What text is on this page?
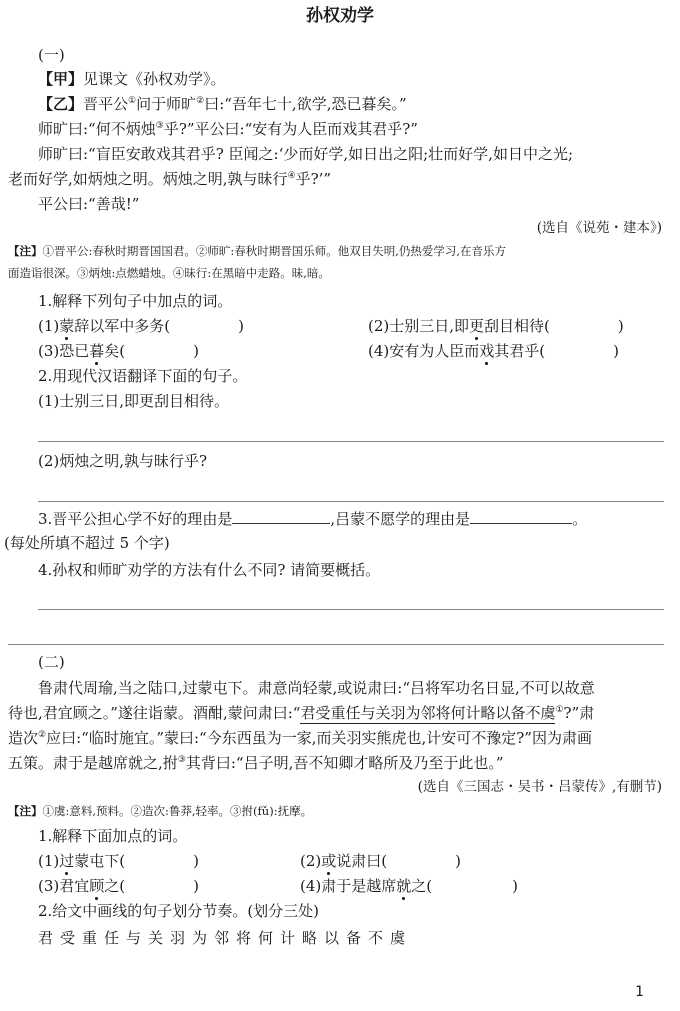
孙权劝学
(一)
【甲】见课文《孙权劝学》。
【乙】晋平公①问于师旷②曰:“吾年七十,欲学,恐已暮矣。”
师旷曰:“何不炳烛③乎?”平公曰:“安有为人臣而戏其君乎?”
师旷曰:“盲臣安敢戏其君乎? 臣闻之:‘少而好学,如日出之阳;壮而好学,如日中之光;
老而好学,如炳烛之明。炳烛之明,孰与昧行④乎?’”
平公曰:“善哉!”
(选自《说苑・建本》)
【注】①晋平公:春秋时期晋国国君。②师旷:春秋时期晋国乐师。他双目失明,仍热爱学习,在音乐方
面造诣很深。③炳烛:点燃蜡烛。④昧行:在黑暗中走路。昧,暗。
1.解释下列句子中加点的词。
(1)蒙辞以军中多务(	)	(2)士别三日,即更刮目相待(	)
(3)恐已暮矣(	)	(4)安有为人臣而戏其君乎(	)
2.用现代汉语翻译下面的句子。
(1)士别三日,即更刮目相待。
(2)炳烛之明,孰与昧行乎?
3.晋平公担心学不好的理由是	,吕蒙不愿学的理由是	。
(每处所填不超过 5 个字)
4.孙权和师旷劝学的方法有什么不同? 请简要概括。
(二)
鲁肃代周瑜,当之陆口,过蒙屯下。肃意尚轻蒙,或说肃曰:“吕将军功名日显,不可以故意
待也,君宜顾之。”遂往诣蒙。酒酣,蒙问肃曰:“君受重任与关羽为邻将何计略以备不虞①?”肃
造次②应曰:“临时施宜。”蒙曰:“今东西虽为一家,而关羽实熊虎也,计安可不豫定?”因为肃画
五策。肃于是越席就之,拊③其背曰:“吕子明,吾不知卿才略所及乃至于此也。”
(选自《三国志・吴书・吕蒙传》,有删节)
【注】①虞:意料,预料。②造次:鲁莽,轻率。③拊(fǔ):抚摩。
1.解释下面加点的词。
(1)过蒙屯下(	)	(2)或说肃曰(	)
(3)君宜顾之(	)	(4)肃于是越席就之(	)
2.给文中画线的句子划分节奏。(划分三处)
君受重任与关羽为邻将何计略以备不虞
1
